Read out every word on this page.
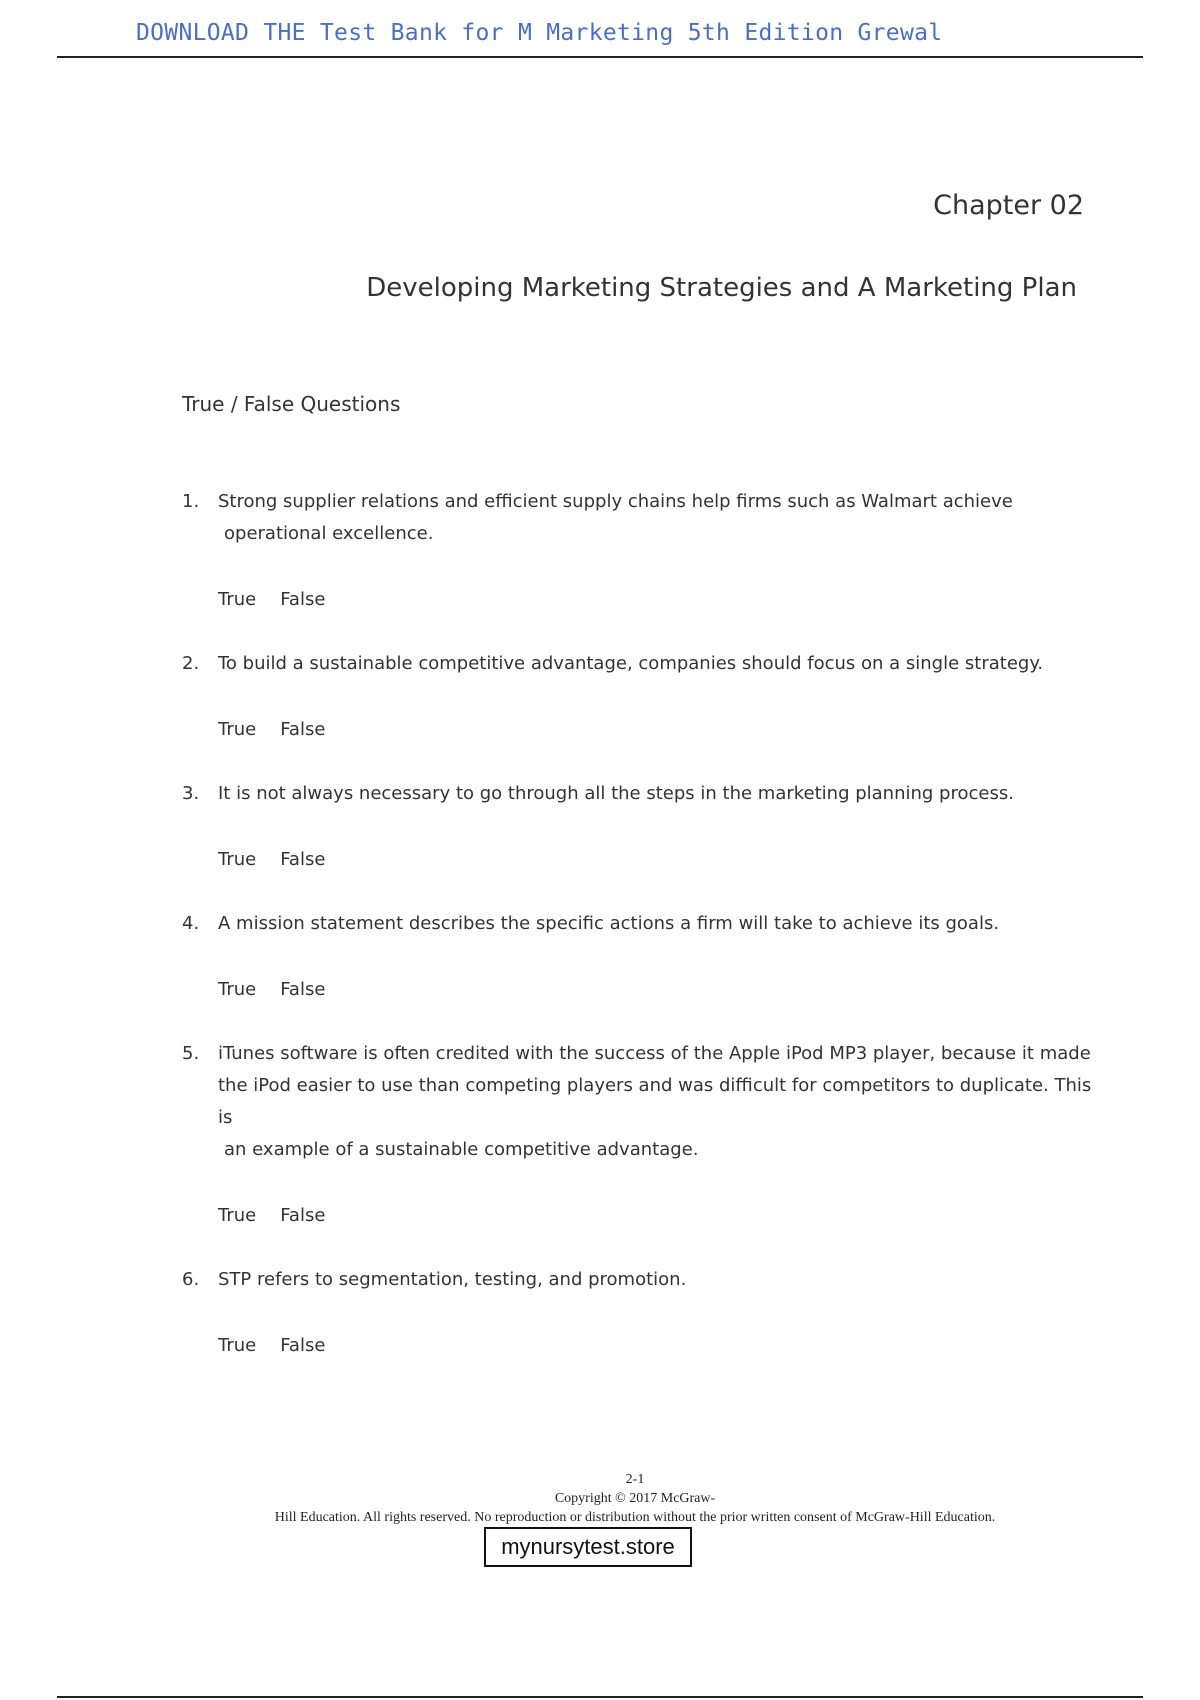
DOWNLOAD THE Test Bank for M Marketing 5th Edition Grewal
Chapter 02
Developing Marketing Strategies and A Marketing Plan
True / False Questions
1.	Strong supplier relations and efficient supply chains help firms such as Walmart achieve
operational excellence.
True False
2.	To build a sustainable competitive advantage, companies should focus on a single strategy.
True False
3.	It is not always necessary to go through all the steps in the marketing planning process.
True False
4.	A mission statement describes the specific actions a firm will take to achieve its goals.
True False
5.	iTunes software is often credited with the success of the Apple iPod MP3 player, because it made
the iPod easier to use than competing players and was difficult for competitors to duplicate. This is
an example of a sustainable competitive advantage.
True False
6.	STP refers to segmentation, testing, and promotion.
True False
2-1
Copyright © 2017 McGraw-
Hill Education. All rights reserved. No reproduction or distribution without the prior written consent of McGraw-Hill Education.
mynursytest.store
